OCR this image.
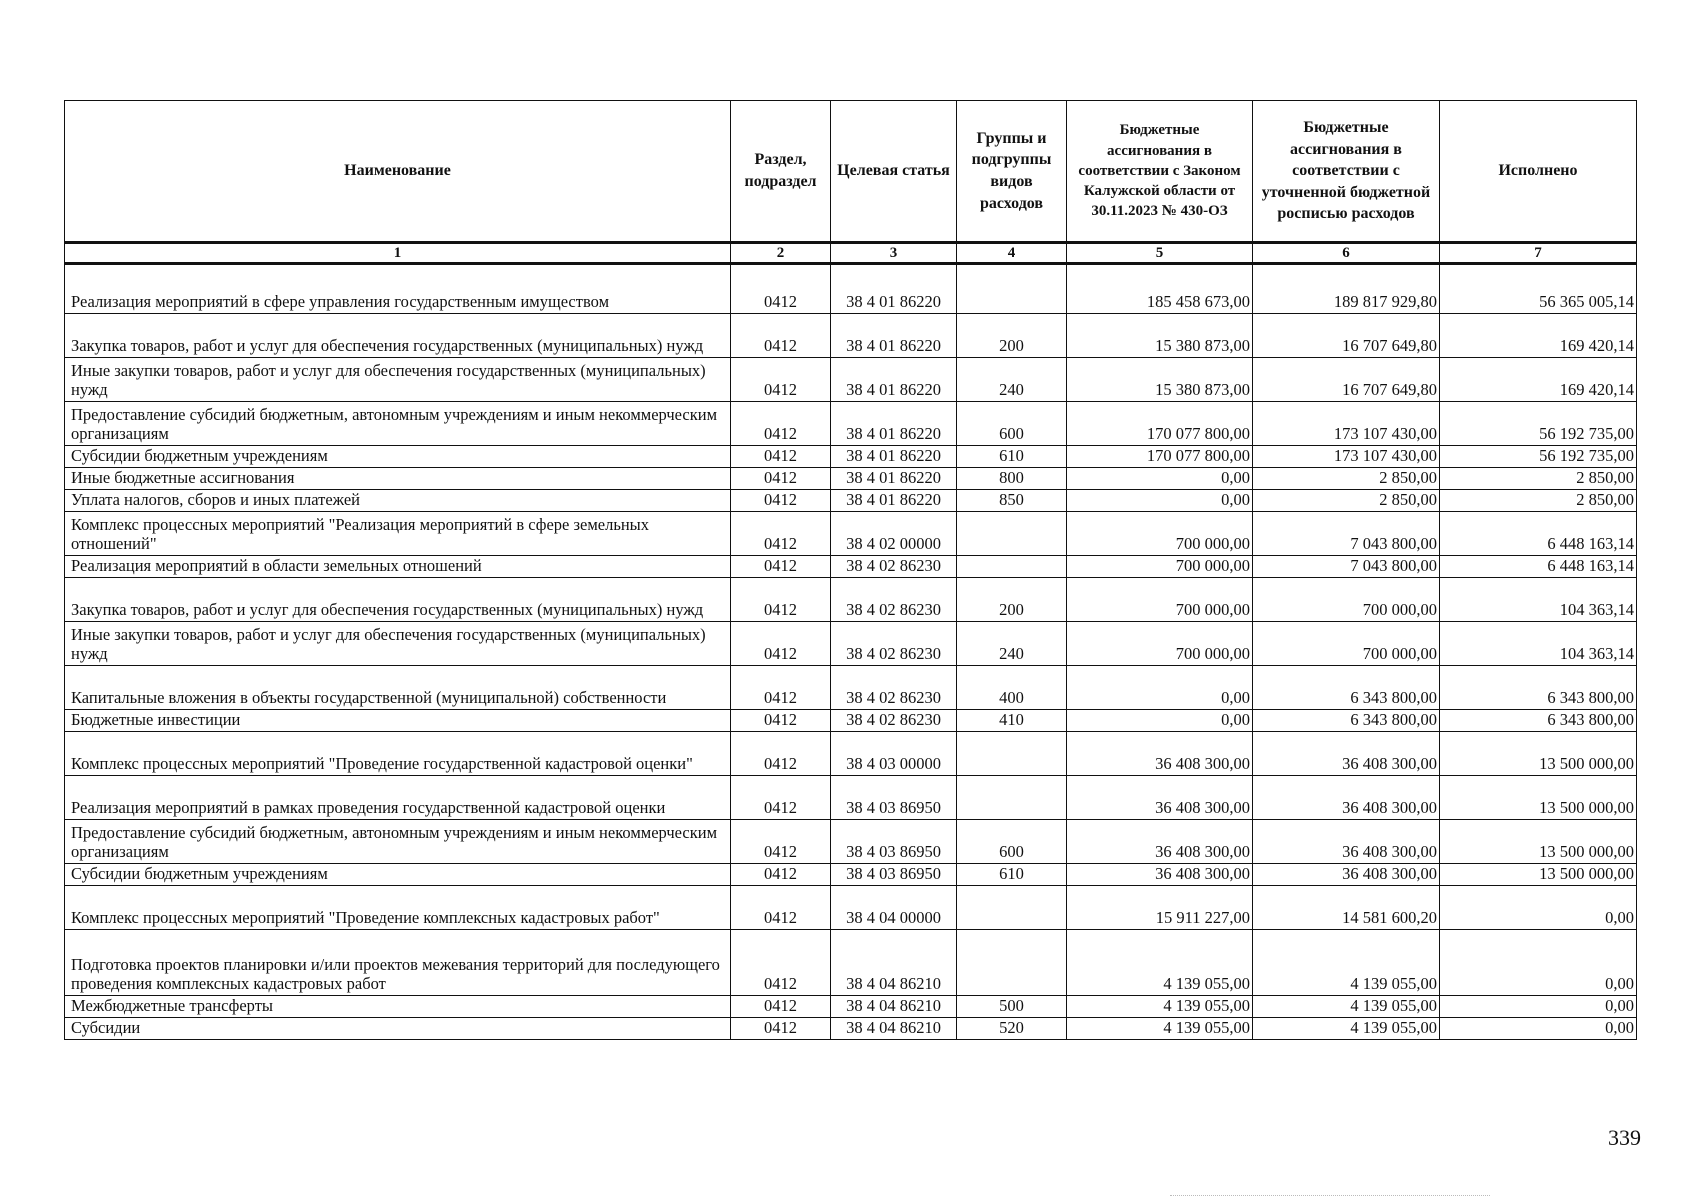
Наименование	Раздел, подраздел	Целевая статья	Группы и подгруппы видов расходов	Бюджетные ассигнования в соответствии с Законом Калужской области от 30.11.2023 № 430-ОЗ	Бюджетные ассигнования в соответствии с уточненной бюджетной росписью расходов	Исполнено
1	2	3	4	5	6	7
Реализация мероприятий в сфере управления государственным имуществом	0412	38 4 01 86220		185 458 673,00	189 817 929,80	56 365 005,14
Закупка товаров, работ и услуг для обеспечения государственных (муниципальных) нужд	0412	38 4 01 86220	200	15 380 873,00	16 707 649,80	169 420,14
Иные закупки товаров, работ и услуг для обеспечения государственных (муниципальных) нужд	0412	38 4 01 86220	240	15 380 873,00	16 707 649,80	169 420,14
Предоставление субсидий бюджетным, автономным учреждениям и иным некоммерческим организациям	0412	38 4 01 86220	600	170 077 800,00	173 107 430,00	56 192 735,00
Субсидии бюджетным учреждениям	0412	38 4 01 86220	610	170 077 800,00	173 107 430,00	56 192 735,00
Иные бюджетные ассигнования	0412	38 4 01 86220	800	0,00	2 850,00	2 850,00
Уплата налогов, сборов и иных платежей	0412	38 4 01 86220	850	0,00	2 850,00	2 850,00
Комплекс процессных мероприятий "Реализация мероприятий в сфере земельных отношений"	0412	38 4 02 00000		700 000,00	7 043 800,00	6 448 163,14
Реализация мероприятий в области земельных отношений	0412	38 4 02 86230		700 000,00	7 043 800,00	6 448 163,14
Закупка товаров, работ и услуг для обеспечения государственных (муниципальных) нужд	0412	38 4 02 86230	200	700 000,00	700 000,00	104 363,14
Иные закупки товаров, работ и услуг для обеспечения государственных (муниципальных) нужд	0412	38 4 02 86230	240	700 000,00	700 000,00	104 363,14
Капитальные вложения в объекты государственной (муниципальной) собственности	0412	38 4 02 86230	400	0,00	6 343 800,00	6 343 800,00
Бюджетные инвестиции	0412	38 4 02 86230	410	0,00	6 343 800,00	6 343 800,00
Комплекс процессных мероприятий "Проведение государственной кадастровой оценки"	0412	38 4 03 00000		36 408 300,00	36 408 300,00	13 500 000,00
Реализация мероприятий в рамках проведения государственной кадастровой оценки	0412	38 4 03 86950		36 408 300,00	36 408 300,00	13 500 000,00
Предоставление субсидий бюджетным, автономным учреждениям и иным некоммерческим организациям	0412	38 4 03 86950	600	36 408 300,00	36 408 300,00	13 500 000,00
Субсидии бюджетным учреждениям	0412	38 4 03 86950	610	36 408 300,00	36 408 300,00	13 500 000,00
Комплекс процессных мероприятий "Проведение комплексных кадастровых работ"	0412	38 4 04 00000		15 911 227,00	14 581 600,20	0,00
Подготовка проектов планировки и/или проектов межевания территорий для последующего проведения комплексных кадастровых работ	0412	38 4 04 86210		4 139 055,00	4 139 055,00	0,00
Межбюджетные трансферты	0412	38 4 04 86210	500	4 139 055,00	4 139 055,00	0,00
Субсидии	0412	38 4 04 86210	520	4 139 055,00	4 139 055,00	0,00
339
